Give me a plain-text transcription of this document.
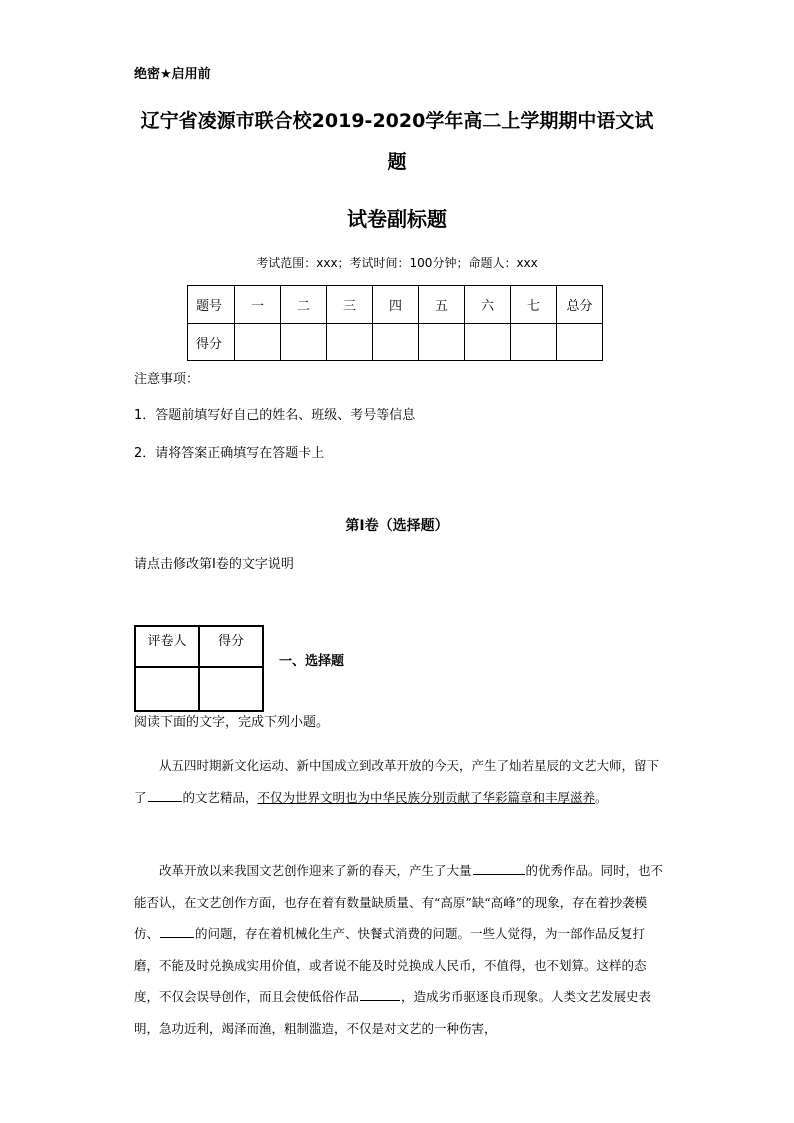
绝密★启用前
辽宁省凌源市联合校2019-2020学年高二上学期期中语文试
题
试卷副标题
考试范围：xxx；考试时间：100分钟；命题人：xxx
题号	一	二	三	四	五	六	七	总分
得分								
注意事项：
1．答题前填写好自己的姓名、班级、考号等信息
2．请将答案正确填写在答题卡上
第I卷（选择题）
请点击修改第I卷的文字说明
评卷人	得分

一、选择题
阅读下面的文字，完成下列小题。

从五四时期新文化运动、新中国成立到改革开放的今天，产生了灿若星辰的文艺大师，留下了	的文艺精品，不仅为世界文明也为中华民族分别贡献了华彩篇章和丰厚滋养。

改革开放以来我国文艺创作迎来了新的春天，产生了大量	的优秀作品。同时，也不能否认，在文艺创作方面，也存在着有数量缺质量、有“高原”缺“高峰”的现象，存在着抄袭模仿、	的问题，存在着机械化生产、快餐式消费的问题。一些人觉得，为一部作品反复打磨，不能及时兑换成实用价值，或者说不能及时兑换成人民币，不值得，也不划算。这样的态度，不仅会误导创作，而且会使低俗作品	，造成劣币驱逐良币现象。人类文艺发展史表明，急功近利，竭泽而渔，粗制滥造，不仅是对文艺的一种伤害，
